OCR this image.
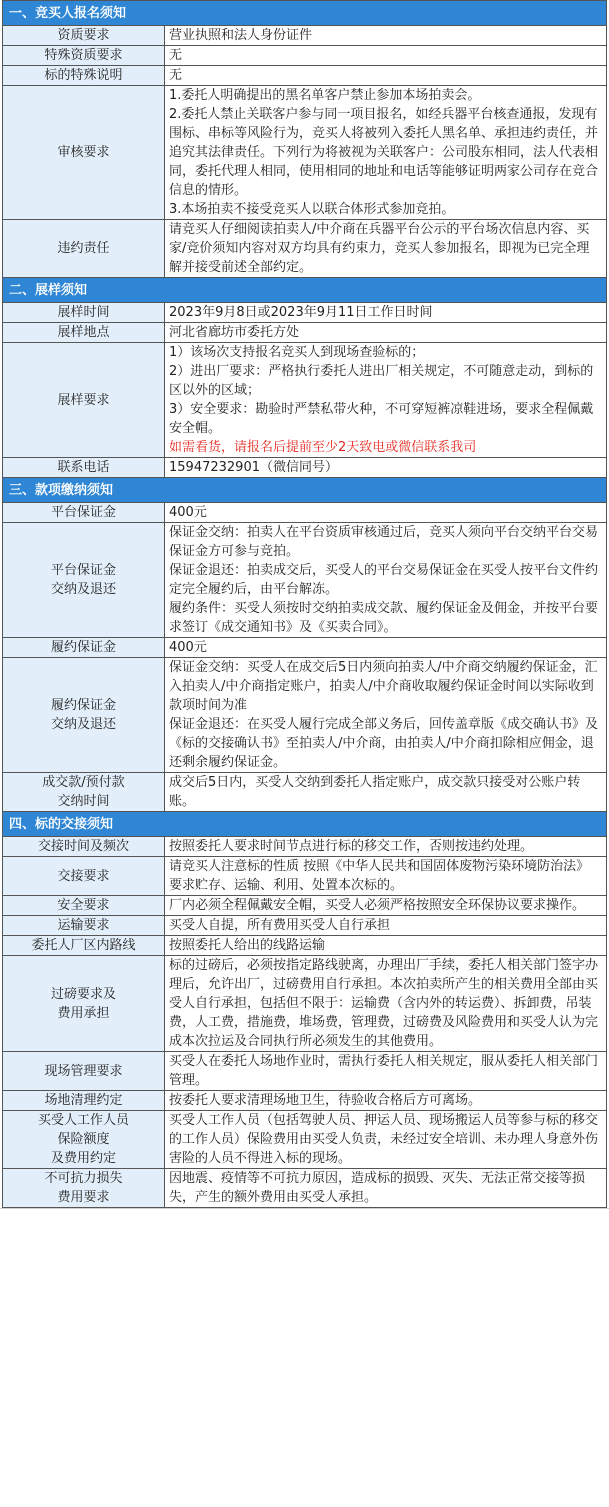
一、竞买人报名须知	

资质要求	营业执照和法人身份证件

特殊资质要求	无

标的特殊说明	无

审核要求	1.委托人明确提出的黑名单客户禁止参加本场拍卖会。
2.委托人禁止关联客户参与同一项目报名，如经兵器平台核查通报，发现有围标、串标等风险行为，竞买人将被列入委托人黑名单、承担违约责任，并追究其法律责任。下列行为将被视为关联客户：公司股东相同，法人代表相同，委托代理人相同，使用相同的地址和电话等能够证明两家公司存在竞合信息的情形。
3.本场拍卖不接受竞买人以联合体形式参加竞拍。

违约责任	请竞买人仔细阅读拍卖人/中介商在兵器平台公示的平台场次信息内容、买家/竞价须知内容对双方均具有约束力，竞买人参加报名，即视为已完全理解并接受前述全部约定。

二、展样须知	

展样时间	2023年9月8日或2023年9月11日工作日时间

展样地点	河北省廊坊市委托方处

展样要求	1）该场次支持报名竞买人到现场查验标的；
2）进出厂要求：严格执行委托人进出厂相关规定，不可随意走动，到标的区以外的区域；
3）安全要求：勘验时严禁私带火种，不可穿短裤凉鞋进场，要求全程佩戴安全帽。
如需看货，请报名后提前至少2天致电或微信联系我司

联系电话	15947232901（微信同号）

三、款项缴纳须知	

平台保证金	400元

平台保证金
交纳及退还	保证金交纳：拍卖人在平台资质审核通过后，竞买人须向平台交纳平台交易保证金方可参与竞拍。
保证金退还：拍卖成交后，买受人的平台交易保证金在买受人按平台文件约定完全履约后，由平台解冻。
履约条件：买受人须按时交纳拍卖成交款、履约保证金及佣金，并按平台要求签订《成交通知书》及《买卖合同》。

履约保证金	400元

履约保证金
交纳及退还	保证金交纳：买受人在成交后5日内须向拍卖人/中介商交纳履约保证金，汇入拍卖人/中介商指定账户，拍卖人/中介商收取履约保证金时间以实际收到款项时间为准
保证金退还：在买受人履行完成全部义务后，回传盖章版《成交确认书》及《标的交接确认书》至拍卖人/中介商，由拍卖人/中介商扣除相应佣金，退还剩余履约保证金。

成交款/预付款
交纳时间	成交后5日内，买受人交纳到委托人指定账户，成交款只接受对公账户转账。

四、标的交接须知	

交接时间及频次	按照委托人要求时间节点进行标的移交工作，否则按违约处理。

交接要求	请竞买人注意标的性质 按照《中华人民共和国固体废物污染环境防治法》要求贮存、运输、利用、处置本次标的。

安全要求	厂内必须全程佩戴安全帽，买受人必须严格按照安全环保协议要求操作。

运输要求	买受人自提，所有费用买受人自行承担

委托人厂区内路线	按照委托人给出的线路运输

过磅要求及
费用承担	标的过磅后，必须按指定路线驶离，办理出厂手续，委托人相关部门签字办理后，允许出厂，过磅费用自行承担。本次拍卖所产生的相关费用全部由买受人自行承担，包括但不限于：运输费（含内外的转运费）、拆卸费，吊装费，人工费，措施费，堆场费，管理费，过磅费及风险费用和买受人认为完成本次拉运及合同执行所必须发生的其他费用。

现场管理要求	买受人在委托人场地作业时，需执行委托人相关规定，服从委托人相关部门管理。

场地清理约定	按委托人要求清理场地卫生，待验收合格后方可离场。

买受人工作人员
保险额度
及费用约定	买受人工作人员（包括驾驶人员、押运人员、现场搬运人员等参与标的移交的工作人员）保险费用由买受人负责，未经过安全培训、未办理人身意外伤害险的人员不得进入标的现场。

不可抗力损失
费用要求	因地震、疫情等不可抗力原因，造成标的损毁、灭失、无法正常交接等损失，产生的额外费用由买受人承担。
